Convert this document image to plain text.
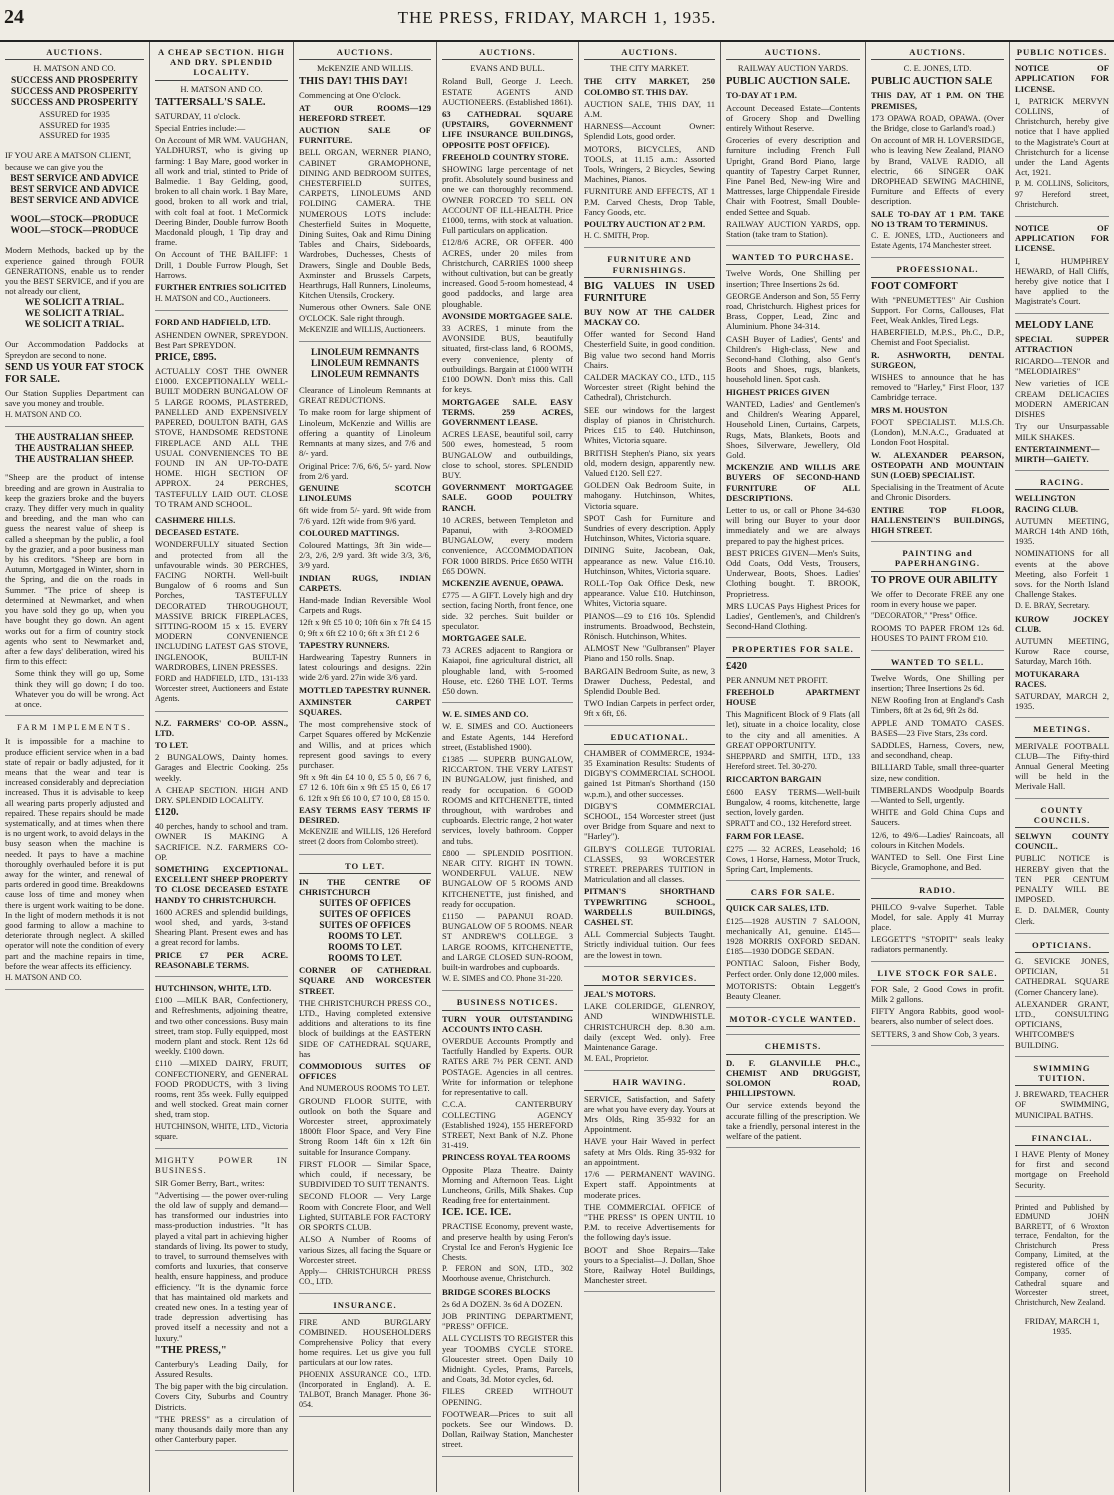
24	THE PRESS, FRIDAY, MARCH 1, 1935.
AUCTIONS.
H. MATSON AND CO.
SUCCESS AND PROSPERITY
SUCCESS AND PROSPERITY
SUCCESS AND PROSPERITY
ASSURED for 1935
ASSURED for 1935
ASSURED for 1935

IF YOU ARE A MATSON CLIENT,

because we can give you the

BEST SERVICE AND ADVICE
BEST SERVICE AND ADVICE
BEST SERVICE AND ADVICE
WOOL—STOCK—PRODUCE
WOOL—STOCK—PRODUCE

Modern Methods, backed up by the experience gained through FOUR GENERATIONS, enable us to render you the BEST SERVICE, and if you are not already our client,

WE SOLICIT A TRIAL.
WE SOLICIT A TRIAL.
WE SOLICIT A TRIAL.

Our Accommodation Paddocks at Spreydon are second to none.

SEND US YOUR FAT STOCK FOR SALE.

Our Station Supplies Department can save you money and trouble.

H. MATSON AND CO.

THE AUSTRALIAN SHEEP.
THE AUSTRALIAN SHEEP.
THE AUSTRALIAN SHEEP.

"Sheep are the product of intense breeding and are grown in Australia to keep the graziers broke and the buyers crazy. They differ very much in quality and breeding, and the man who can guess the nearest value of sheep is called a sheepman by the public, a fool by the grazier, and a poor business man by his creditors. "Sheep are born in Autumn, Mortgaged in Winter, shorn in the Spring, and die on the roads in Summer. "The price of sheep is determined at Newmarket, and when you have sold they go up, when you have bought they go down. An agent works out for a firm of country stock agents who sent to Newmarket and, after a few days' deliberation, wired his firm to this effect:

Some think they will go up, Some think they will go down; I do too. Whatever you do will be wrong. Act at once.

FARM IMPLEMENTS.

It is impossible for a machine to produce efficient service when in a bad state of repair or badly adjusted, for it means that the wear and tear is increased considerably and depreciation increased. Thus it is advisable to keep all wearing parts properly adjusted and repaired. These repairs should be made systematically, and at times when there is no urgent work, to avoid delays in the busy season when the machine is needed. It pays to have a machine thoroughly overhauled before it is put away for the winter, and renewal of parts ordered in good time. Breakdowns cause loss of time and money when there is urgent work waiting to be done. In the light of modern methods it is not good farming to allow a machine to deteriorate through neglect. A skilled operator will note the condition of every part and the machine repairs in time, before the wear affects its efficiency.

H. MATSON AND CO.

A CHEAP SECTION. HIGH AND DRY. SPLENDID LOCALITY.
H. MATSON AND CO.

TATTERSALL'S SALE.

SATURDAY, 11 o'clock.

Special Entries include:—

On Account of MR WM. VAUGHAN, YALDHURST, who is giving up farming: 1 Bay Mare, good worker in all work and trial, stinted to Pride of Balmedie. 1 Bay Gelding, good, broken to all chain work. 1 Bay Mare, good, broken to all work and trial, with colt foal at foot. 1 McCormick Deering Binder, Double furrow Booth Macdonald plough, 1 Tip dray and frame.

On Account of THE BAILIFF: 1 Drill, 1 Double Furrow Plough, Set Harrows.

FURTHER ENTRIES SOLICITED

H. MATSON and CO., Auctioneers.

FORD AND HADFIELD, LTD.

ASHENDEN OWNER, SPREYDON. Best Part SPREYDON.

PRICE, £895.

ACTUALLY COST THE OWNER £1000. EXCEPTIONALLY WELL-BUILT MODERN BUNGALOW OF 5 LARGE ROOMS, PLASTERED, PANELLED AND EXPENSIVELY PAPERED, DOULTON BATH, GAS STOVE, HANDSOME REDSTONE FIREPLACE AND ALL THE USUAL CONVENIENCES TO BE FOUND IN AN UP-TO-DATE HOME. HIGH SECTION OF APPROX. 24 PERCHES, TASTEFULLY LAID OUT. CLOSE TO TRAM AND SCHOOL.

CASHMERE HILLS.

DECEASED ESTATE.

WONDERFULLY situated Section and protected from all the unfavourable winds. 30 PERCHES, FACING NORTH. Well-built Bungalow of 6 rooms and Sun Porches, TASTEFULLY DECORATED THROUGHOUT, MASSIVE BRICK FIREPLACES, SITTING-ROOM 15 x 15. EVERY MODERN CONVENIENCE INCLUDING LATEST GAS STOVE, INGLENOOK, BUILT-IN WARDROBES, LINEN PRESSES.

FORD and HADFIELD, LTD., 131-133 Worcester street, Auctioneers and Estate Agents.

N.Z. FARMERS' CO-OP. ASSN., LTD.

TO LET.

2 BUNGALOWS, Dainty homes. Garages and Electric Cooking. 25s weekly.

A CHEAP SECTION. HIGH AND DRY. SPLENDID LOCALITY.

£120.

40 perches, handy to school and tram. OWNER IS MAKING A SACRIFICE. N.Z. FARMERS CO-OP.

SOMETHING EXCEPTIONAL. EXCELLENT SHEEP PROPERTY TO CLOSE DECEASED ESTATE HANDY TO CHRISTCHURCH.

1600 ACRES and splendid buildings, wool shed, and yards, 3-stand Shearing Plant. Present ewes and has a great record for lambs.

PRICE £7 PER ACRE. REASONABLE TERMS.

HUTCHINSON, WHITE, LTD.

£100 —MILK BAR, Confectionery, and Refreshments, adjoining theatre, and two other concessions. Busy main street, tram stop. Fully equipped, most modern plant and stock. Rent 12s 6d weekly. £100 down.

£110 —MIXED DAIRY, FRUIT, CONFECTIONERY, and GENERAL FOOD PRODUCTS, with 3 living rooms, rent 35s week. Fully equipped and well stocked. Great main corner shed, tram stop.

HUTCHINSON, WHITE, LTD., Victoria square.

MIGHTY POWER IN BUSINESS.

SIR Gomer Berry, Bart., writes:

"Advertising — the power over-ruling the old law of supply and demand—has transformed our industries into mass-production industries. "It has played a vital part in achieving higher standards of living. Its power to study, to travel, to surround themselves with comforts and luxuries, that conserve health, ensure happiness, and produce efficiency. "It is the dynamic force that has maintained old markets and created new ones. In a testing year of trade depression advertising has proved itself a necessity and not a luxury."

"THE PRESS,"

Canterbury's Leading Daily, for Assured Results.

The big paper with the big circulation. Covers City, Suburbs and Country Districts.

"THE PRESS" as a circulation of many thousands daily more than any other Canterbury paper.

AUCTIONS.
McKENZIE AND WILLIS.

THIS DAY! THIS DAY!

Commencing at One O'clock.

AT OUR ROOMS—129 HEREFORD STREET.

AUCTION SALE OF FURNITURE.

BELL ORGAN, WERNER PIANO, CABINET GRAMOPHONE, DINING AND BEDROOM SUITES, CHESTERFIELD SUITES, CARPETS, LINOLEUMS AND FOLDING CAMERA. THE NUMEROUS LOTS include: Chesterfield Suites in Moquette, Dining Suites, Oak and Rimu Dining Tables and Chairs, Sideboards, Wardrobes, Duchesses, Chests of Drawers, Single and Double Beds, Axminster and Brussels Carpets, Hearthrugs, Hall Runners, Linoleums, Kitchen Utensils, Crockery.

Numerous other Owners. Sale ONE O'CLOCK. Sale right through.

McKENZIE and WILLIS, Auctioneers.

LINOLEUM REMNANTS
LINOLEUM REMNANTS
LINOLEUM REMNANTS

Clearance of Linoleum Remnants at GREAT REDUCTIONS.

To make room for large shipment of Linoleum, McKenzie and Willis are offering a quantity of Linoleum Remnants at many sizes, and 7/6 and 8/- yard.

Original Price: 7/6, 6/6, 5/- yard. Now from 2/6 yard.

GENUINE SCOTCH LINOLEUMS

6ft wide from 5/- yard. 9ft wide from 7/6 yard. 12ft wide from 9/6 yard.

COLOURED MATTINGS.

Coloured Mattings, 3ft 3in wide— 2/3, 2/6, 2/9 yard. 3ft wide 3/3, 3/6, 3/9 yard.

INDIAN RUGS, INDIAN CARPETS.

Hand-made Indian Reversible Wool Carpets and Rugs.

12ft x 9ft £5 10 0; 10ft 6in x 7ft £4 15 0; 9ft x 6ft £2 10 0; 6ft x 3ft £1 2 6

TAPESTRY RUNNERS.

Hardwearing Tapestry Runners in latest colourings and designs. 22in wide 2/6 yard. 27in wide 3/6 yard.

MOTTLED TAPESTRY RUNNER.

AXMINSTER CARPET SQUARES.

The most comprehensive stock of Carpet Squares offered by McKenzie and Willis, and at prices which represent good savings to every purchaser.

9ft x 9ft 4in £4 10 0, £5 5 0, £6 7 6, £7 12 6. 10ft 6in x 9ft £5 15 0, £6 17 6. 12ft x 9ft £6 10 0, £7 10 0, £8 15 0.

EASY TERMS EASY TERMS IF DESIRED.

McKENZIE and WILLIS, 126 Hereford street (2 doors from Colombo street).

TO LET.

IN THE CENTRE OF CHRISTCHURCH

SUITES OF OFFICES
SUITES OF OFFICES
SUITES OF OFFICES
ROOMS TO LET.
ROOMS TO LET.
ROOMS TO LET.

CORNER OF CATHEDRAL SQUARE AND WORCESTER STREET.

THE CHRISTCHURCH PRESS CO., LTD., Having completed extensive additions and alterations to its fine block of buildings at the EASTERN SIDE OF CATHEDRAL SQUARE, has

COMMODIOUS SUITES OF OFFICES

And NUMEROUS ROOMS TO LET.

GROUND FLOOR SUITE, with outlook on both the Square and Worcester street, approximately 1800ft Floor Space, and Very Fine Strong Room 14ft 6in x 12ft 6in suitable for Insurance Company.

FIRST FLOOR — Similar Space, which could, if necessary, be SUBDIVIDED TO SUIT TENANTS.

SECOND FLOOR — Very Large Room with Concrete Floor, and Well Lighted, SUITABLE FOR FACTORY OR SPORTS CLUB.

ALSO A Number of Rooms of various Sizes, all facing the Square or Worcester street.

Apply— CHRISTCHURCH PRESS CO., LTD.

INSURANCE.

FIRE AND BURGLARY COMBINED. HOUSEHOLDERS Comprehensive Policy that every home requires. Let us give you full particulars at our low rates.

PHOENIX ASSURANCE CO., LTD. (Incorporated in England). A. E. TALBOT, Branch Manager. Phone 36-054.

AUCTIONS.
EVANS AND BULL.

Roland Bull, George J. Leech. ESTATE AGENTS AND AUCTIONEERS. (Established 1861).

63 CATHEDRAL SQUARE (UPSTAIRS, GOVERNMENT LIFE INSURANCE BUILDINGS, OPPOSITE POST OFFICE).

FREEHOLD COUNTRY STORE.

SHOWING large percentage of net profit. Absolutely sound business and one we can thoroughly recommend. OWNER FORCED TO SELL ON ACCOUNT OF ILL-HEALTH. Price £1000, terms, with stock at valuation. Full particulars on application.

£12/8/6 ACRE, OR OFFER. 400 ACRES, under 20 miles from Christchurch, CARRIES 1000 sheep without cultivation, but can be greatly increased. Good 5-room homestead, 4 good paddocks, and large area ploughable.

AVONSIDE MORTGAGEE SALE.

33 ACRES, 1 minute from the AVONSIDE BUS, beautifully situated, first-class land, 6 ROOMS, every convenience, plenty of outbuildings. Bargain at £1000 WITH £100 DOWN. Don't miss this. Call for keys.

MORTGAGEE SALE. EASY TERMS. 259 ACRES, GOVERNMENT LEASE.

ACRES LEASE, beautiful soil, carry 500 ewes, homestead, 5 room BUNGALOW and outbuildings, close to school, stores. SPLENDID BUY.

GOVERNMENT MORTGAGEE SALE. GOOD POULTRY RANCH.

10 ACRES, between Templeton and Papanui, with 3-ROOMED BUNGALOW, every modern convenience, ACCOMMODATION FOR 1000 BIRDS. Price £650 WITH £65 DOWN.

MCKENZIE AVENUE, OPAWA.

£775 — A GIFT. Lovely high and dry section, facing North, front fence, one side. 32 perches. Suit builder or speculator.

MORTGAGEE SALE.

73 ACRES adjacent to Rangiora or Kaiapoi, fine agricultural district, all ploughable land, with 5-roomed House, etc. £260 THE LOT. Terms £50 down.

W. E. SIMES AND CO.

W. E. SIMES and CO. Auctioneers and Estate Agents, 144 Hereford street, (Established 1900).

£1385 — SUPERB BUNGALOW, RICCARTON. THE VERY LATEST IN BUNGALOW, just finished, and ready for occupation. 6 GOOD ROOMS and KITCHENETTE, tinted throughout, with wardrobes and cupboards. Electric range, 2 hot water services, lovely bathroom. Copper and tubs.

£800 — SPLENDID POSITION. NEAR CITY. RIGHT IN TOWN. WONDERFUL VALUE. NEW BUNGALOW OF 5 ROOMS AND KITCHENETTE, just finished, and ready for occupation.

£1150 — PAPANUI ROAD. BUNGALOW OF 5 ROOMS. NEAR ST ANDREW'S COLLEGE. 3 LARGE ROOMS, KITCHENETTE, and LARGE CLOSED SUN-ROOM, built-in wardrobes and cupboards.

W. E. SIMES and CO. Phone 31-220.

BUSINESS NOTICES.

TURN YOUR OUTSTANDING ACCOUNTS INTO CASH.

OVERDUE Accounts Promptly and Tactfully Handled by Experts. OUR RATES ARE 7½ PER CENT. AND POSTAGE. Agencies in all centres. Write for information or telephone for representative to call.

C.C.A. CANTERBURY COLLECTING AGENCY (Established 1924), 155 HEREFORD STREET, Next Bank of N.Z. Phone 31-419.

PRINCESS ROYAL TEA ROOMS

Opposite Plaza Theatre. Dainty Morning and Afternoon Teas. Light Luncheons, Grills, Milk Shakes. Cup Reading free for entertainment.

ICE. ICE. ICE.

PRACTISE Economy, prevent waste, and preserve health by using Feron's Crystal Ice and Feron's Hygienic Ice Chests.

P. FERON and SON, LTD., 302 Moorhouse avenue, Christchurch.

BRIDGE SCORES BLOCKS

2s 6d A DOZEN. 3s 6d A DOZEN.

JOB PRINTING DEPARTMENT, "PRESS" OFFICE.

ALL CYCLISTS TO REGISTER this year TOOMBS CYCLE STORE. Gloucester street. Open Daily 10 Midnight. Cycles, Prams, Parcels, and Coats, 3d. Motor cycles, 6d.

FILES CREED WITHOUT OPENING.

FOOTWEAR—Prices to suit all pockets. See our Windows. D. Dollan, Railway Station, Manchester street.

AUCTIONS.
THE CITY MARKET.

THE CITY MARKET, 250 COLOMBO ST. THIS DAY.

AUCTION SALE, THIS DAY, 11 A.M.

HARNESS—Account Owner: Splendid Lots, good order.

MOTORS, BICYCLES, AND TOOLS, at 11.15 a.m.: Assorted Tools, Wringers, 2 Bicycles, Sewing Machines, Pianos.

FURNITURE AND EFFECTS, AT 1 P.M. Carved Chests, Drop Table, Fancy Goods, etc.

POULTRY AUCTION AT 2 P.M.

H. C. SMITH, Prop.

FURNITURE AND FURNISHINGS.

BIG VALUES IN USED FURNITURE

BUY NOW AT THE CALDER MACKAY CO.

Offer wanted for Second Hand Chesterfield Suite, in good condition. Big value two second hand Morris Chairs.

CALDER MACKAY CO., LTD., 115 Worcester street (Right behind the Cathedral), Christchurch.

SEE our windows for the largest display of pianos in Christchurch. Prices £15 to £40. Hutchinson, Whites, Victoria square.

BRITISH Stephen's Piano, six years old, modern design, apparently new. Valued £120. Sell £27.

GOLDEN Oak Bedroom Suite, in mahogany. Hutchinson, Whites, Victoria square.

SPOT Cash for Furniture and Sundries of every description. Apply Hutchinson, Whites, Victoria square.

DINING Suite, Jacobean, Oak, appearance as new. Value £16.10. Hutchinson, Whites, Victoria square.

ROLL-Top Oak Office Desk, new appearance. Value £10. Hutchinson, Whites, Victoria square.

PIANOS—£9 to £16 10s. Splendid instruments. Broadwood, Bechstein, Rönisch. Hutchinson, Whites.

ALMOST New "Gulbransen" Player Piano and 150 rolls. Snap.

BARGAIN Bedroom Suite, as new, 3 Drawer Duchess, Pedestal, and Splendid Double Bed.

TWO Indian Carpets in perfect order, 9ft x 6ft, £6.

EDUCATIONAL.

CHAMBER of COMMERCE, 1934-35 Examination Results: Students of DIGBY'S COMMERCIAL SCHOOL gained 1st Pitman's Shorthand (150 w.p.m.), and other successes.

DIGBY'S COMMERCIAL SCHOOL, 154 Worcester street (just over Bridge from Square and next to "Harley").

GILBY'S COLLEGE TUTORIAL CLASSES, 93 WORCESTER STREET. PREPARES TUITION in Matriculation and all classes.

PITMAN'S SHORTHAND TYPEWRITING SCHOOL, WARDELLS BUILDINGS, CASHEL ST.

ALL Commercial Subjects Taught. Strictly individual tuition. Our fees are the lowest in town.

MOTOR SERVICES.

JEAL'S MOTORS.

LAKE COLERIDGE, GLENROY, AND WINDWHISTLE. CHRISTCHURCH dep. 8.30 a.m. daily (except Wed. only). Free Maintenance Garage.

M. EAL, Proprietor.

HAIR WAVING.

SERVICE, Satisfaction, and Safety are what you have every day. Yours at Mrs Olds, Ring 35-932 for an Appointment.

HAVE your Hair Waved in perfect safety at Mrs Olds. Ring 35-932 for an appointment.

17/6 — PERMANENT WAVING. Expert staff. Appointments at moderate prices.

THE COMMERCIAL OFFICE of "THE PRESS" IS OPEN UNTIL 10 P.M. to receive Advertisements for the following day's issue.

BOOT and Shoe Repairs—Take yours to a Specialist—J. Dollan, Shoe Store, Railway Hotel Buildings, Manchester street.

AUCTIONS.
RAILWAY AUCTION YARDS.

PUBLIC AUCTION SALE.

TO-DAY AT 1 P.M.

Account Deceased Estate—Contents of Grocery Shop and Dwelling entirely Without Reserve.

Groceries of every description and furniture including French Full Upright, Grand Bord Piano, large quantity of Tapestry Carpet Runner, Fine Panel Bed, New-ing Wire and Mattresses, large Chippendale Fireside Chair with Footrest, Small Double-ended Settee and Squab.

RAILWAY AUCTION YARDS, opp. Station (take tram to Station).

WANTED TO PURCHASE.

Twelve Words, One Shilling per insertion; Three Insertions 2s 6d.

GEORGE Anderson and Son, 55 Ferry road, Christchurch. Highest prices for Brass, Copper, Lead, Zinc and Aluminium. Phone 34-314.

CASH Buyer of Ladies', Gents' and Children's High-class, New and Second-hand Clothing, also Gent's Boots and Shoes, rugs, blankets, household linen. Spot cash.

HIGHEST PRICES GIVEN

WANTED, Ladies' and Gentlemen's and Children's Wearing Apparel, Household Linen, Curtains, Carpets, Rugs, Mats, Blankets, Boots and Shoes, Silverware, Jewellery, Old Gold.

MCKENZIE AND WILLIS ARE BUYERS OF SECOND-HAND FURNITURE OF ALL DESCRIPTIONS.

Letter to us, or call or Phone 34-630 will bring our Buyer to your door immediately and we are always prepared to pay the highest prices.

BEST PRICES GIVEN—Men's Suits, Odd Coats, Odd Vests, Trousers, Underwear, Boots, Shoes. Ladies' Clothing bought. T. BROOK, Proprietress.

MRS LUCAS Pays Highest Prices for Ladies', Gentlemen's, and Children's Second-Hand Clothing.

PROPERTIES FOR SALE.

£420

PER ANNUM NET PROFIT.

FREEHOLD APARTMENT HOUSE

This Magnificent Block of 9 Flats (all let), situate in a choice locality, close to the city and all amenities. A GREAT OPPORTUNITY.

SHEPPARD and SMITH, LTD., 133 Hereford street. Tel. 30-270.

RICCARTON BARGAIN

£600 EASY TERMS—Well-built Bungalow, 4 rooms, kitchenette, large section, lovely garden.

SPRATT and CO., 132 Hereford street.

FARM FOR LEASE.

£275 — 32 ACRES, Leasehold; 16 Cows, 1 Horse, Harness, Motor Truck, Spring Cart, Implements.

CARS FOR SALE.

QUICK CAR SALES, LTD.

£125—1928 AUSTIN 7 SALOON, mechanically A1, genuine. £145—1928 MORRIS OXFORD SEDAN. £185—1930 DODGE SEDAN.

PONTIAC Saloon, Fisher Body, Perfect order. Only done 12,000 miles.

MOTORISTS: Obtain Leggett's Beauty Cleaner.

MOTOR-CYCLE WANTED.
CHEMISTS.

D. F. GLANVILLE PH.C., CHEMIST AND DRUGGIST, SOLOMON ROAD, PHILLIPSTOWN.

Our service extends beyond the accurate filling of the prescription. We take a friendly, personal interest in the welfare of the patient.

AUCTIONS.
C. E. JONES, LTD.

PUBLIC AUCTION SALE

THIS DAY, AT 1 P.M. ON THE PREMISES,

173 OPAWA ROAD, OPAWA. (Over the Bridge, close to Garland's road.)

On account of MR H. LOVERSIDGE, who is leaving New Zealand, PIANO by Brand, VALVE RADIO, all electric, 66 SINGER OAK DROPHEAD SEWING MACHINE, Furniture and Effects of every description.

SALE TO-DAY AT 1 P.M. TAKE NO 13 TRAM TO TERMINUS.

C. E. JONES, LTD., Auctioneers and Estate Agents, 174 Manchester street.

PROFESSIONAL.

FOOT COMFORT

With "PNEUMETTES" Air Cushion Support. For Corns, Callouses, Flat Feet, Weak Ankles, Tired Legs.

HABERFIELD, M.P.S., Ph.C., D.P., Chemist and Foot Specialist.

R. ASHWORTH, DENTAL SURGEON,

WISHES to announce that he has removed to "Harley," First Floor, 137 Cambridge terrace.

MRS M. HOUSTON

FOOT SPECIALIST. M.I.S.Ch. (London), M.N.A.C., Graduated at London Foot Hospital.

W. ALEXANDER PEARSON, OSTEOPATH AND MOUNTAIN SUN (LOEB) SPECIALIST.

Specialising in the Treatment of Acute and Chronic Disorders.

ENTIRE TOP FLOOR, HALLENSTEIN'S BUILDINGS, HIGH STREET.

PAINTING and PAPERHANGING.

TO PROVE OUR ABILITY

We offer to Decorate FREE any one room in every house we paper.

"DECORATOR," "Press" Office.

ROOMS TO PAPER FROM 12s 6d. HOUSES TO PAINT FROM £10.

WANTED TO SELL.

Twelve Words, One Shilling per insertion; Three Insertions 2s 6d.

NEW Roofing Iron at England's Cash Timbers, 8ft at 2s 6d, 9ft 2s 8d.

APPLE AND TOMATO CASES. BASES—23 Five Stars, 23s cord.

SADDLES, Harness, Covers, new, and secondhand, cheap.

BILLIARD Table, small three-quarter size, new condition.

TIMBERLANDS Woodpulp Boards—Wanted to Sell, urgently.

WHITE and Gold China Cups and Saucers.

12/6, to 49/6—Ladies' Raincoats, all colours in Kitchen Models.

WANTED to Sell. One First Line Bicycle, Gramophone, and Bed.

RADIO.

PHILCO 9-valve Superhet. Table Model, for sale. Apply 41 Murray place.

LEGGETT'S "STOPIT" seals leaky radiators permanently.

LIVE STOCK FOR SALE.

FOR Sale, 2 Good Cows in profit. Milk 2 gallons.

FIFTY Angora Rabbits, good wool-bearers, also number of select does.

SETTERS, 3 and Show Cob, 3 years.

PUBLIC NOTICES.

NOTICE OF APPLICATION FOR LICENSE.

I, PATRICK MERVYN COLLINS, of Christchurch, hereby give notice that I have applied to the Magistrate's Court at Christchurch for a license under the Land Agents Act, 1921.

P. M. COLLINS, Solicitors, 97 Hereford street, Christchurch.

NOTICE OF APPLICATION FOR LICENSE.

I, HUMPHREY HEWARD, of Hall Cliffs, hereby give notice that I have applied to the Magistrate's Court.

MELODY LANE

SPECIAL SUPPER ATTRACTION

RICARDO—TENOR and "MELODIAIRES"

New varieties of ICE CREAM DELICACIES MODERN AMERICAN DISHES

Try our Unsurpassable MILK SHAKES.

ENTERTAINMENT—MIRTH—GAIETY.

RACING.

WELLINGTON RACING CLUB.

AUTUMN MEETING, MARCH 14th AND 16th, 1935.

NOMINATIONS for all events at the above Meeting, also Forfeit 1 sovs. for the North Island Challenge Stakes.

D. E. BRAY, Secretary.

KUROW JOCKEY CLUB.

AUTUMN MEETING, Kurow Race course, Saturday, March 16th.

MOTUKARARA RACES.

SATURDAY, MARCH 2, 1935.

MEETINGS.

MERIVALE FOOTBALL CLUB—The Fifty-third Annual General Meeting will be held in the Merivale Hall.

COUNTY COUNCILS.

SELWYN COUNTY COUNCIL.

PUBLIC NOTICE is HEREBY given that the TEN PER CENTUM PENALTY WILL BE IMPOSED.

E. D. DALMER, County Clerk.

OPTICIANS.

G. SEVICKE JONES, OPTICIAN, 51 CATHEDRAL SQUARE (Corner Chancery lane).

ALEXANDER GRANT, LTD., CONSULTING OPTICIANS, WHITCOMBE'S BUILDING.

SWIMMING TUITION.

J. BREWARD, TEACHER OF SWIMMING, MUNICIPAL BATHS.

FINANCIAL.

I HAVE Plenty of Money for first and second mortgage on Freehold Security.

Printed and Published by EDMUND JOHN BARRETT, of 6 Wroxton terrace, Fendalton, for the Christchurch Press Company, Limited, at the registered office of the Company, corner of Cathedral square and Worcester street, Christchurch, New Zealand.

FRIDAY, MARCH 1, 1935.
